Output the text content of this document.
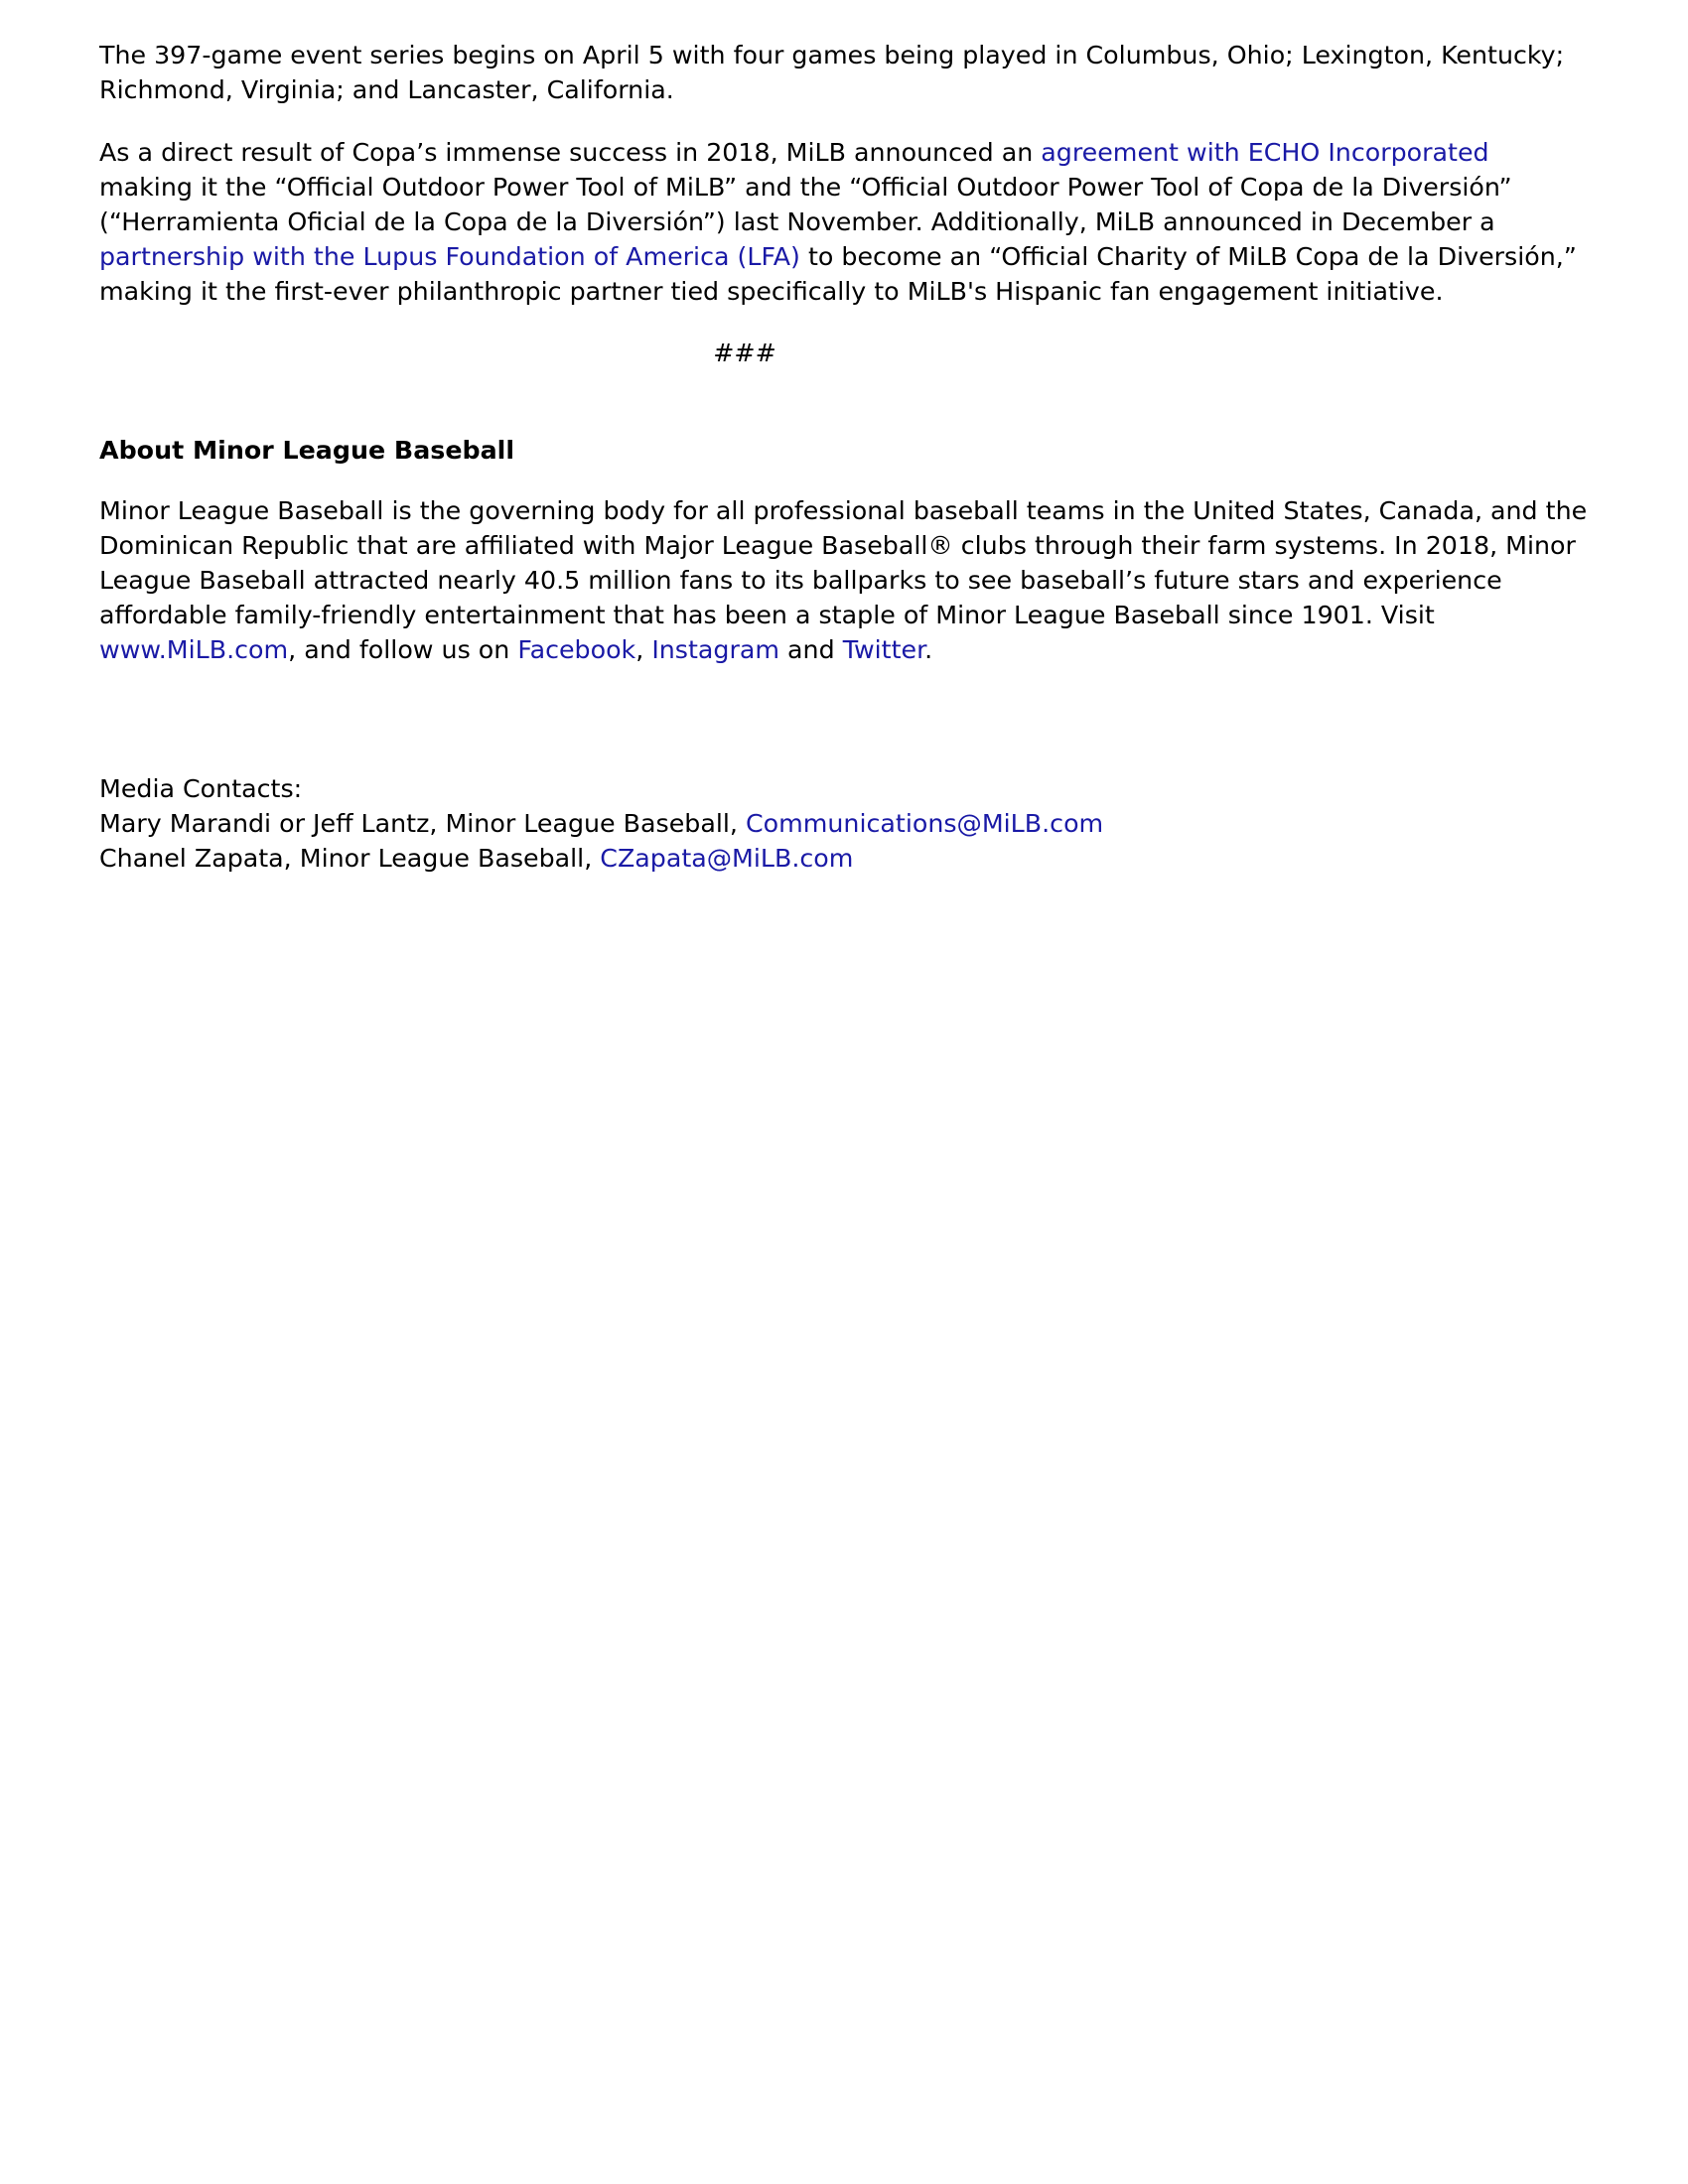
The 397-game event series begins on April 5 with four games being played in Columbus, Ohio; Lexington, Kentucky; Richmond, Virginia; and Lancaster, California.

As a direct result of Copa’s immense success in 2018, MiLB announced an agreement with ECHO Incorporated making it the “Official Outdoor Power Tool of MiLB” and the “Official Outdoor Power Tool of Copa de la Diversión” (“Herramienta Oficial de la Copa de la Diversión”) last November. Additionally, MiLB announced in December a partnership with the Lupus Foundation of America (LFA) to become an “Official Charity of MiLB Copa de la Diversión,” making it the first-ever philanthropic partner tied specifically to MiLB's Hispanic fan engagement initiative.

###

About Minor League Baseball

Minor League Baseball is the governing body for all professional baseball teams in the United States, Canada, and the Dominican Republic that are affiliated with Major League Baseball® clubs through their farm systems. In 2018, Minor League Baseball attracted nearly 40.5 million fans to its ballparks to see baseball’s future stars and experience affordable family-friendly entertainment that has been a staple of Minor League Baseball since 1901. Visit www.MiLB.com, and follow us on Facebook, Instagram and Twitter.

Media Contacts:
Mary Marandi or Jeff Lantz, Minor League Baseball, Communications@MiLB.com
Chanel Zapata, Minor League Baseball, CZapata@MiLB.com
